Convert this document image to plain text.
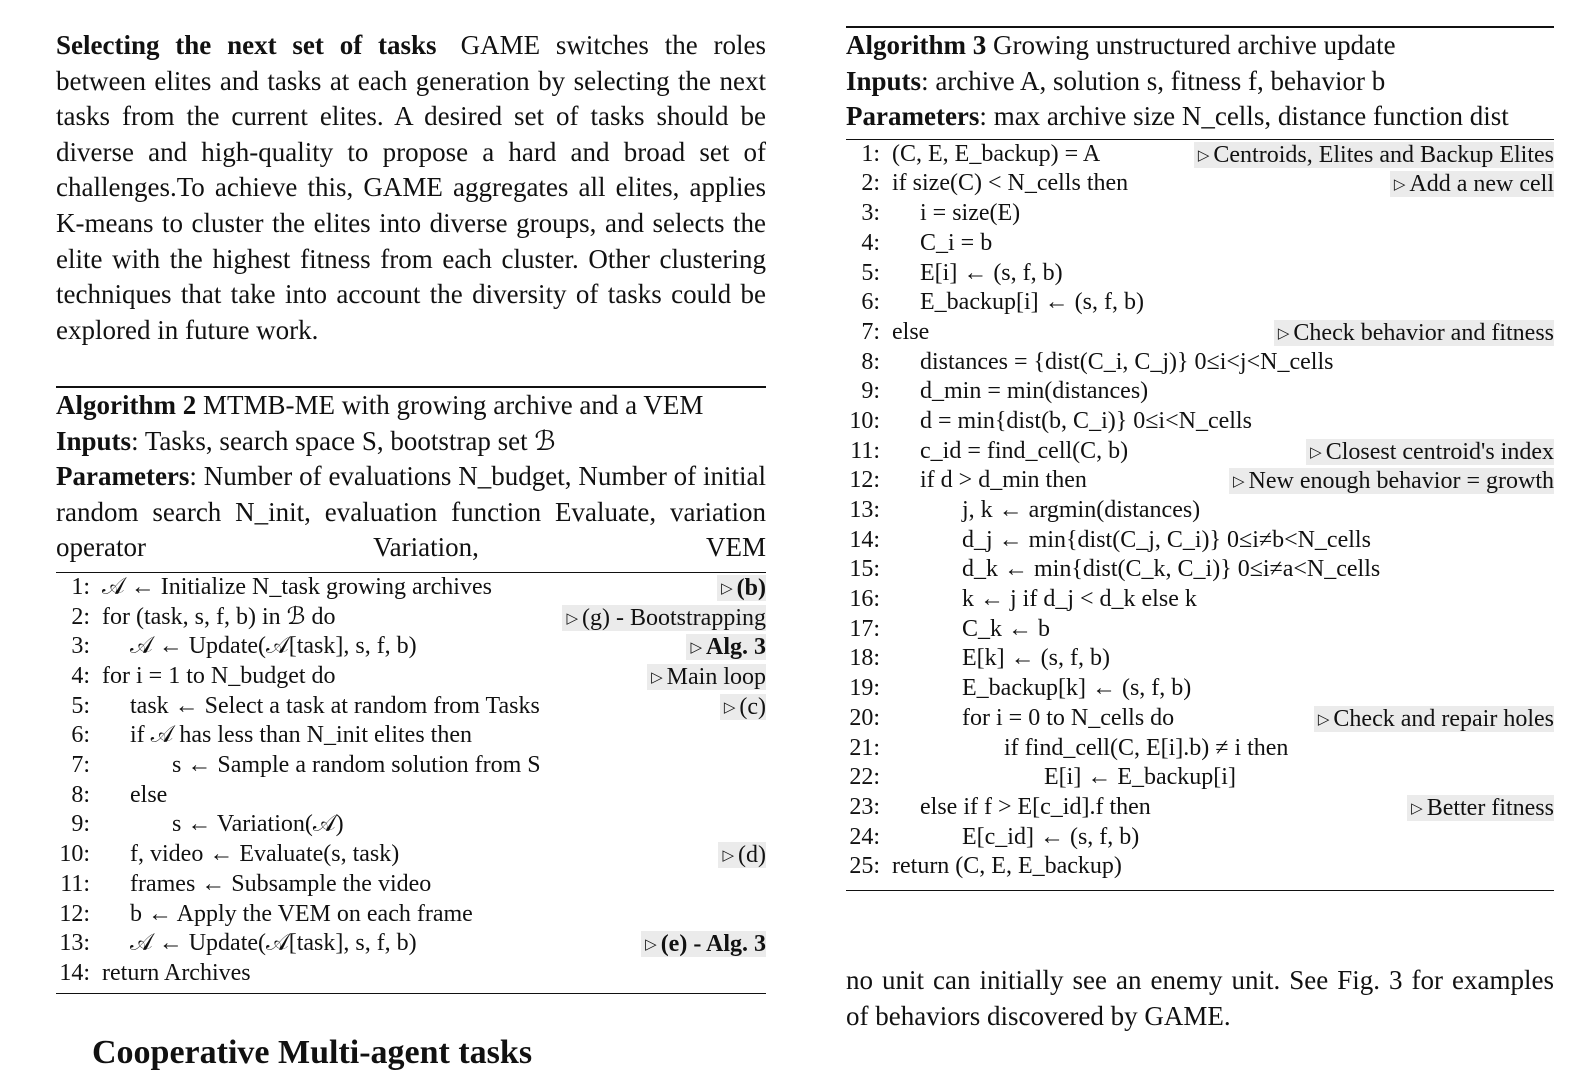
Selecting the next set of tasks GAME switches the roles between elites and tasks at each generation by selecting the next tasks from the current elites. A desired set of tasks should be diverse and high-quality to propose a hard and broad set of challenges.To achieve this, GAME aggregates all elites, applies K-means to cluster the elites into diverse groups, and selects the elite with the highest fitness from each cluster. Other clustering techniques that take into account the diversity of tasks could be explored in future work.

Algorithm 2 MTMB-ME with growing archive and a VEM
Inputs: Tasks, search space S, bootstrap set ℬ
Parameters: Number of evaluations N_budget, Number of initial random search N_init, evaluation function Evaluate, variation operator Variation, VEM
1: 𝒜 ← Initialize N_task growing archives	▷ (b)
2: for (task, s, f, b) in ℬ do	▷ (g) - Bootstrapping
3: 𝒜 ← Update(𝒜[task], s, f, b)	▷ Alg. 3
4: for i = 1 to N_budget do	▷ Main loop
5: task ← Select a task at random from Tasks	▷ (c)
6: if 𝒜 has less than N_init elites then
7:	s ← Sample a random solution from S
8: else
9:	s ← Variation(𝒜)
10: f, video ← Evaluate(s, task)	▷ (d)
11: frames ← Subsample the video
12: b ← Apply the VEM on each frame
13: 𝒜 ← Update(𝒜[task], s, f, b)	▷ (e) - Alg. 3
14: return Archives
Cooperative Multi-agent tasks
Algorithm 3 Growing unstructured archive update
Inputs: archive A, solution s, fitness f, behavior b
Parameters: max archive size N_cells, distance function dist
1: (C, E, E_backup) = A	▷ Centroids, Elites and Backup Elites
2: if size(C) < N_cells then	▷ Add a new cell
3: i = size(E)
4: C_i = b
5: E[i] ← (s, f, b)
6: E_backup[i] ← (s, f, b)
7: else	▷ Check behavior and fitness
8: distances = {dist(C_i, C_j)} 0≤i<j<N_cells
9: d_min = min(distances)
10: d = min{dist(b, C_i)} 0≤i<N_cells
11: c_id = find_cell(C, b)	▷ Closest centroid's index
12: if d > d_min then	▷ New enough behavior = growth
13:	j, k ← argmin(distances)
14:	d_j ← min{dist(C_j, C_i)} 0≤i≠b<N_cells
15:	d_k ← min{dist(C_k, C_i)} 0≤i≠a<N_cells
16:	k ← j if d_j < d_k else k
17:	C_k ← b
18:	E[k] ← (s, f, b)
19:	E_backup[k] ← (s, f, b)
20:	for i = 0 to N_cells do	▷ Check and repair holes
21:	if find_cell(C, E[i].b) ≠ i then
22:	E[i] ← E_backup[i]
23: else if f > E[c_id].f then	▷ Better fitness
24:	E[c_id] ← (s, f, b)
25: return (C, E, E_backup)

no unit can initially see an enemy unit. See Fig. 3 for examples of behaviors discovered by GAME.
